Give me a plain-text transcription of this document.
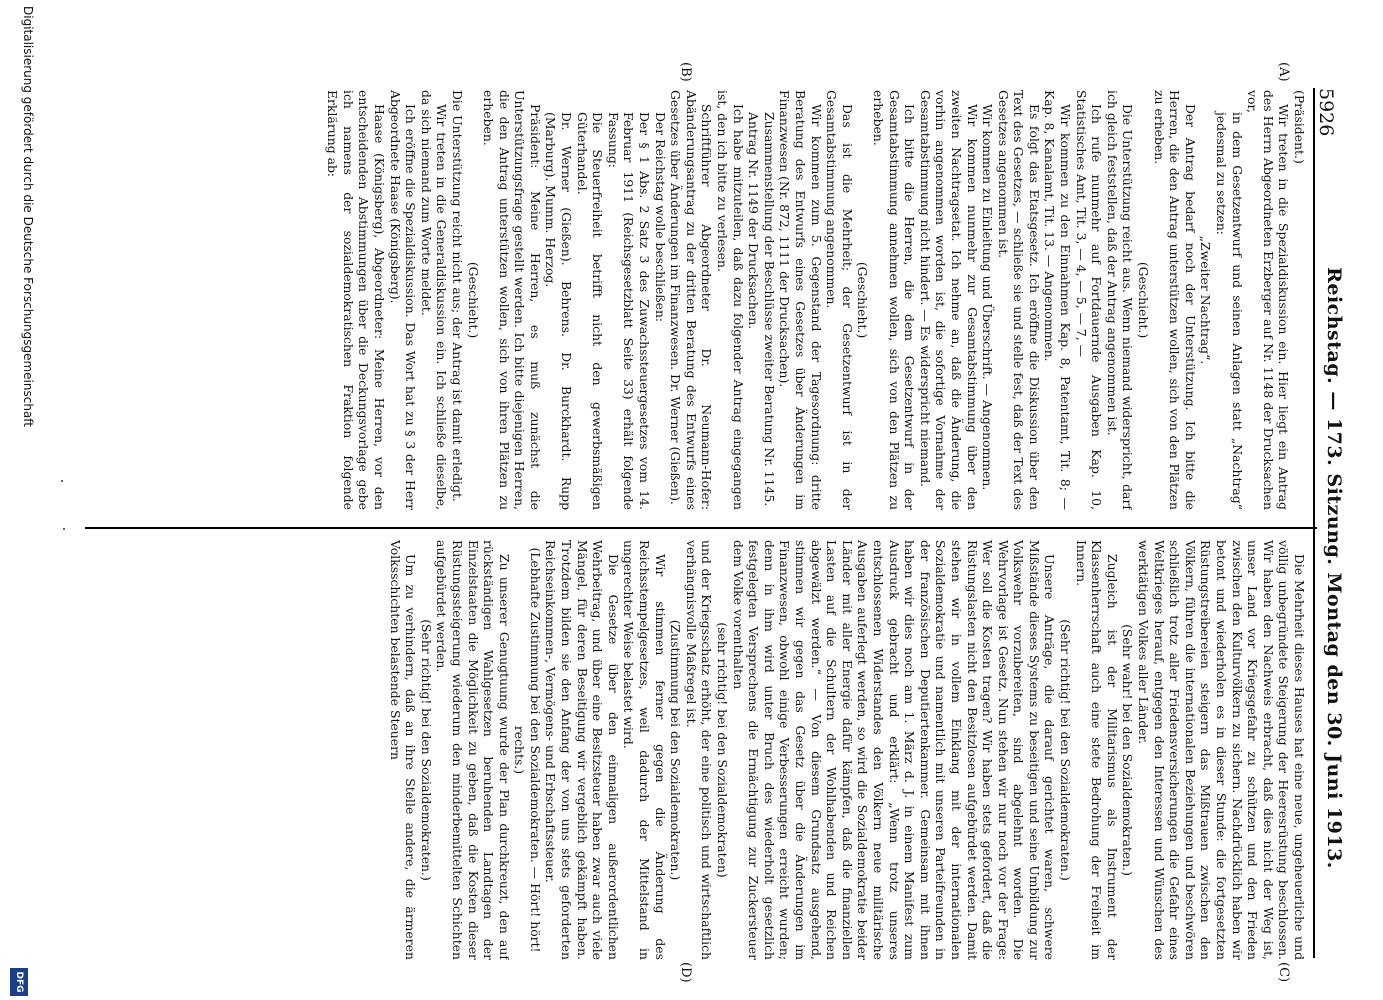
5926
Reichstag. — 173. Sitzung. Montag den 30. Juni 1913.
(A)
(B)
(C)
(D)

(Präsident.)

Wir treten in die Spezialdiskussion ein. Hier liegt ein Antrag des Herrn Abgeordneten Erzberger auf Nr. 1148 der Drucksachen vor,

in dem Gesetzentwurf und seinen Anlagen statt „Nachtrag“ jedesmal zu setzen:

„Zweiter Nachtrag“.

Der Antrag bedarf noch der Unterstützung. Ich bitte die Herren, die den Antrag unterstützen wollen, sich von den Plätzen zu erheben.

(Geschieht.)

Die Unterstützung reicht aus. Wenn niemand widerspricht, darf ich gleich feststellen, daß der Antrag angenommen ist.

Ich rufe nunmehr auf Fortdauernde Ausgaben Kap. 10, Statistisches Amt, Tit. 3, — 4, — 5, — 7, —

Wir kommen zu den Einnahmen Kap. 8, Patentamt, Tit. 8; — Kap. 8, Kanalamt, Tit. 13. — Angenommen.

Es folgt das Etatsgesetz. Ich eröffne die Diskussion über den Text des Gesetzes, — schließe sie und stelle fest, daß der Text des Gesetzes angenommen ist.

Wir kommen zu Einleitung und Überschrift. — Angenommen.

Wir kommen nunmehr zur Gesamtabstimmung über den zweiten Nachtragsetat. Ich nehme an, daß die Änderung, die vorhin angenommen worden ist, die sofortige Vornahme der Gesamtabstimmung nicht hindert. — Es widerspricht niemand.

Ich bitte die Herren, die dem Gesetzentwurf in der Gesamtabstimmung annehmen wollen, sich von den Plätzen zu erheben.

(Geschieht.)

Das ist die Mehrheit; der Gesetzentwurf ist in der Gesamtabstimmung angenommen.

Wir kommen zum 5. Gegenstand der Tagesordnung: dritte Beratung des Entwurfs eines Gesetzes über Änderungen im Finanzwesen (Nr. 872, 1111 der Drucksachen).

Zusammenstellung der Beschlüsse zweiter Beratung Nr. 1145.

Antrag Nr. 1149 der Drucksachen.

Ich habe mitzuteilen, daß dazu folgender Antrag eingegangen ist, den ich bitte zu verlesen.

Schriftführer Abgeordneter Dr. Neumann-Hofer: Abänderungsantrag zu der dritten Beratung des Entwurfs eines Gesetzes über Änderungen im Finanzwesen. Dr. Werner (Gießen).

Der Reichstag wolle beschließen:

Der § 1 Abs. 2 Satz 3 des Zuwachssteuergesetzes vom 14. Februar 1911 (Reichsgesetzblatt Seite 33) erhält folgende Fassung:

Die Steuerfreiheit betrifft nicht den gewerbsmäßigen Güterhandel.

Dr. Werner (Gießen). Behrens. Dr. Burckhardt. Rupp (Marburg). Mumm. Herzog.

Präsident: Meine Herren, es muß zunächst die Unterstützungsfrage gestellt werden. Ich bitte diejenigen Herren, die den Antrag unterstützen wollen, sich von ihren Plätzen zu erheben.

(Geschieht.)

Die Unterstützung reicht nicht aus; der Antrag ist damit erledigt.

Wir treten in die Generaldiskussion ein. Ich schließe dieselbe, da sich niemand zum Worte meldet.

Ich eröffne die Spezialdiskussion. Das Wort hat zu § 3 der Herr Abgeordnete Haase (Königsberg).

Haase (Königsberg), Abgeordneter: Meine Herren, vor den entscheidenden Abstimmungen über die Deckungsvorlage gebe ich namens der sozialdemokratischen Fraktion folgende Erklärung ab:

Die Mehrheit dieses Hauses hat eine neue, ungeheuerliche und völlig unbegründete Steigerung der Heeresrüstung beschlossen. Wir haben den Nachweis erbracht, daß dies nicht der Weg ist, unser Land vor Kriegsgefahr zu schützen und den Frieden zwischen den Kulturvölkern zu sichern. Nachdrücklich haben wir betont und wiederholen es in dieser Stunde: die fortgesetzten Rüstungstreibereien steigern das Mißtrauen zwischen den Völkern, führen die internationalen Beziehungen und beschwören schließlich trotz aller Friedensversicherungen die Gefahr eines Weltkrieges herauf, entgegen den Interessen und Wünschen des werktätigen Volkes aller Länder.

(Sehr wahr! bei den Sozialdemokraten.)

Zugleich ist der Militarismus als Instrument der Klassenherrschaft auch eine stete Bedrohung der Freiheit im Innern.

(Sehr richtig! bei den Sozialdemokraten.)

Unsere Anträge, die darauf gerichtet waren, schwere Mißstände dieses Systems zu beseitigen und seine Umbildung zur Volkswehr vorzubereiten, sind abgelehnt worden. Die Wehrvorlage ist Gesetz. Nun stehen wir nur noch vor der Frage: Wer soll die Kosten tragen? Wir haben stets gefordert, daß die Rüstungslasten nicht den Besitzlosen aufgebürdet werden. Damit stehen wir in vollem Einklang mit der internationalen Sozialdemokratie und namentlich mit unseren Parteifreunden in der französischen Deputiertenkammer. Gemeinsam mit ihnen haben wir dies noch am 1. März d. J. in einem Manifest zum Ausdruck gebracht und erklärt: „Wenn trotz unseres entschlossenen Widerstandes den Völkern neue militärische Ausgaben auferlegt werden, so wird die Sozialdemokratie beider Länder mit aller Energie dafür kämpfen, daß die finanziellen Lasten auf die Schultern der Wohlhabenden und Reichen abgewälzt werden.“ — Von diesem Grundsatz ausgehend, stimmen wir gegen das Gesetz über die Änderungen im Finanzwesen, obwohl einige Verbesserungen erreicht wurden; denn in ihm wird unter Bruch des wiederholt gesetzlich festgelegten Versprechens die Ermächtigung zur Zuckersteuer dem Volke vorenthalten

(sehr richtig! bei den Sozialdemokraten)

und der Kriegsschatz erhöht, der eine politisch und wirtschaftlich verhängnisvolle Maßregel ist.

(Zustimmung bei den Sozialdemokraten.)

Wir stimmen ferner gegen die Änderung des Reichsstempelgesetzes, weil dadurch der Mittelstand in ungerechter Weise belastet wird.

Die Gesetze über den einmaligen außerordentlichen Wehrbeitrag, und über eine Besitzsteuer haben zwar auch viele Mängel, für deren Beseitigung wir vergeblich gekämpft haben. Trotzdem bilden sie den Anfang der von uns stets geforderten Reichseinkommen-, Vermögens- und Erbschaftssteuer.

(Lebhafte Zustimmung bei den Sozialdemokraten. — Hört! hört! rechts.)

Zu unserer Genugtuung wurde der Plan durchkreuzt, den auf rückständigen Wahlgesetzen beruhenden Landtagen der Einzelstaaten die Möglichkeit zu geben, daß die Kosten dieser Rüstungssteigerung wiederum den minderbemittelten Schichten aufgebürdet werden.

(Sehr richtig! bei den Sozialdemokraten.)

Um zu verhindern, daß an ihre Stelle andere, die ärmeren Volksschichten belastende Steuern

Digitalisierung gefördert durch die Deutsche Forschungsgemeinschaft
DFG
